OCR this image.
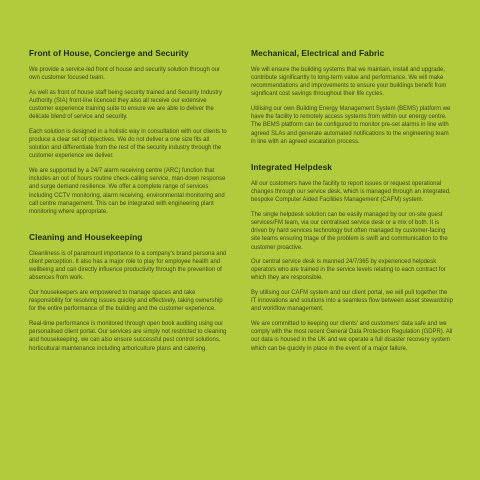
Front of House, Concierge and Security

We provide a service-led front of house and security solution through our own customer focused team.

As well as front of house staff being security trained and Security Industry Authority (SIA) front-line licenced they also all receive our extensive customer experience training suite to ensure we are able to deliver the delicate blend of service and security.

Each solution is designed in a holistic way in consultation with our clients to produce a clear set of objectives. We do not deliver a one size fits all solution and differentiate from the rest of the security industry through the customer experience we deliver.

We are supported by a 24/7 alarm receiving centre (ARC) function that includes an out of hours routine check-calling service, man-down response and surge demand resilience. We offer a complete range of services including CCTV monitoring, alarm receiving, environmental monitoring and call centre management. This can be integrated with engineering plant monitoring where appropriate.

Cleaning and Housekeeping

Cleanliness is of paramount importance to a company's brand persona and client perception. It also has a major role to play for employee health and wellbeing and can directly influence productivity through the prevention of absences from work.

Our housekeepers are empowered to manage spaces and take responsibility for resolving issues quickly and effectively, taking ownership for the entire performance of the building and the customer experience.

Real-time performance is monitored through open book auditing using our personalised client portal. Our services are simply not restricted to cleaning and housekeeping, we can also ensure successful pest control solutions, horticultural maintenance including arboriculture plans and catering.

Mechanical, Electrical and Fabric

We will ensure the building systems that we maintain, install and upgrade, contribute significantly to long-term value and performance. We will make recommendations and improvements to ensure your buildings benefit from significant cost savings throughout their life cycles.

Utilising our own Building Energy Management System (BEMS) platform we have the facility to remotely access systems from within our energy centre. The BEMS platform can be configured to monitor pre-set alarms in line with agreed SLAs and generate automated notifications to the engineering team in line with an agreed escalation process.

Integrated Helpdesk

All our customers have the facility to report issues or request operational changes through our service desk, which is managed through an integrated, bespoke Computer Aided Facilities Management (CAFM) system.

The single helpdesk solution can be easily managed by our on-site guest services/FM team, via our centralised service desk or a mix of both. It is driven by hard services technology but often managed by customer-facing site teams ensuring triage of the problem is swift and communication to the customer proactive.

Our central service desk is manned 24/7/365 by experienced helpdesk operators who are trained in the service levels relating to each contract for which they are responsible.

By utilising our CAFM system and our client portal, we will pull together the IT innovations and solutions into a seamless flow between asset stewardship and workflow management.

We are committed to keeping our clients' and customers' data safe and we comply with the most recent General Data Protection Regulation (GDPR). All our data is housed in the UK and we operate a full disaster recovery system which can be quickly in place in the event of a major failure.
